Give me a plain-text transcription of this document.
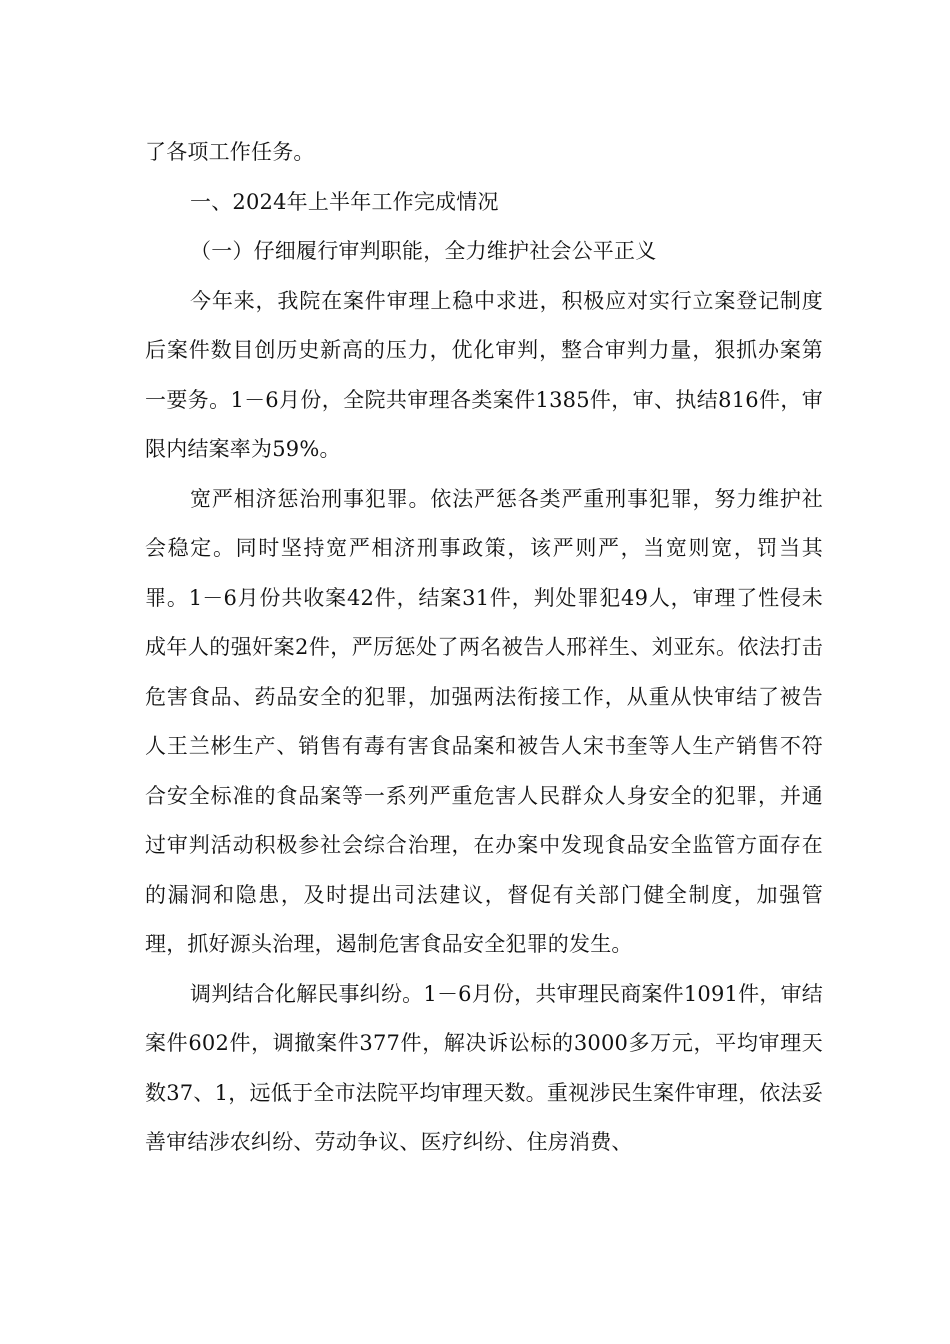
了各项工作任务。

一、2024年上半年工作完成情况

（一）仔细履行审判职能，全力维护社会公平正义

今年来，我院在案件审理上稳中求进，积极应对实行立案登记制度后案件数目创历史新高的压力，优化审判，整合审判力量，狠抓办案第一要务。1－6月份，全院共审理各类案件1385件，审、执结816件，审限内结案率为59%。

宽严相济惩治刑事犯罪。依法严惩各类严重刑事犯罪，努力维护社会稳定。同时坚持宽严相济刑事政策，该严则严，当宽则宽，罚当其罪。1－6月份共收案42件，结案31件，判处罪犯49人，审理了性侵未成年人的强奸案2件，严厉惩处了两名被告人邢祥生、刘亚东。依法打击危害食品、药品安全的犯罪，加强两法衔接工作，从重从快审结了被告人王兰彬生产、销售有毒有害食品案和被告人宋书奎等人生产销售不符合安全标准的食品案等一系列严重危害人民群众人身安全的犯罪，并通过审判活动积极参社会综合治理，在办案中发现食品安全监管方面存在的漏洞和隐患，及时提出司法建议，督促有关部门健全制度，加强管理，抓好源头治理，遏制危害食品安全犯罪的发生。

调判结合化解民事纠纷。1－6月份，共审理民商案件1091件，审结案件602件，调撤案件377件，解决诉讼标的3000多万元，平均审理天数37、1，远低于全市法院平均审理天数。重视涉民生案件审理，依法妥善审结涉农纠纷、劳动争议、医疗纠纷、住房消费、
